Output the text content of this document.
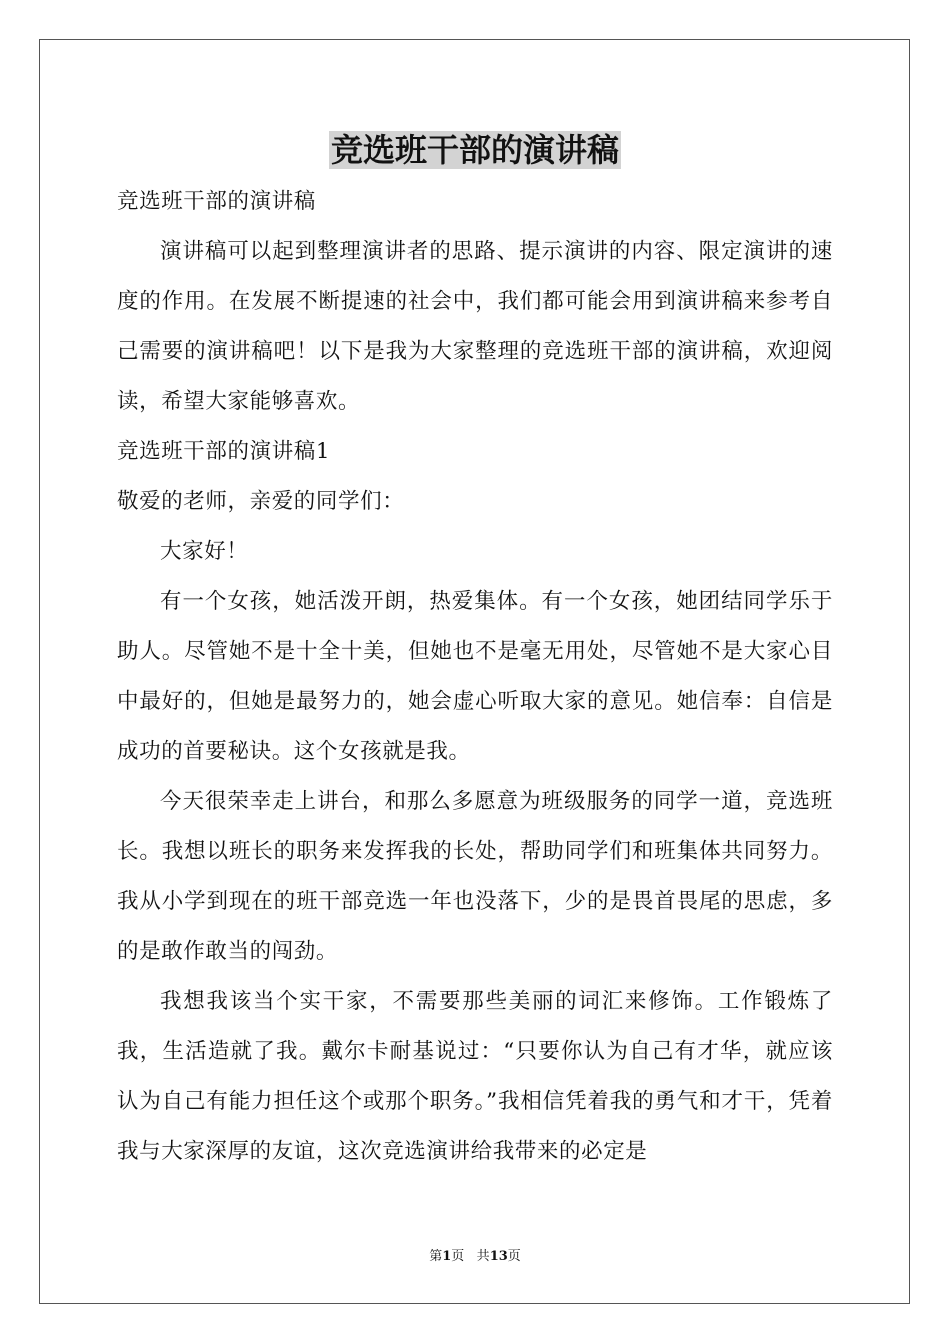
竞选班干部的演讲稿

竞选班干部的演讲稿

演讲稿可以起到整理演讲者的思路、提示演讲的内容、限定演讲的速度的作用。在发展不断提速的社会中，我们都可能会用到演讲稿来参考自己需要的演讲稿吧！以下是我为大家整理的竞选班干部的演讲稿，欢迎阅读，希望大家能够喜欢。

竞选班干部的演讲稿1

敬爱的老师，亲爱的同学们：

大家好！

有一个女孩，她活泼开朗，热爱集体。有一个女孩，她团结同学乐于助人。尽管她不是十全十美，但她也不是毫无用处，尽管她不是大家心目中最好的，但她是最努力的，她会虚心听取大家的意见。她信奉：自信是成功的首要秘诀。这个女孩就是我。

今天很荣幸走上讲台，和那么多愿意为班级服务的同学一道，竞选班长。我想以班长的职务来发挥我的长处，帮助同学们和班集体共同努力。我从小学到现在的班干部竞选一年也没落下，少的是畏首畏尾的思虑，多的是敢作敢当的闯劲。

我想我该当个实干家，不需要那些美丽的词汇来修饰。工作锻炼了我，生活造就了我。戴尔卡耐基说过：“只要你认为自己有才华，就应该认为自己有能力担任这个或那个职务。”我相信凭着我的勇气和才干，凭着我与大家深厚的友谊，这次竞选演讲给我带来的必定是

第1页 共13页
